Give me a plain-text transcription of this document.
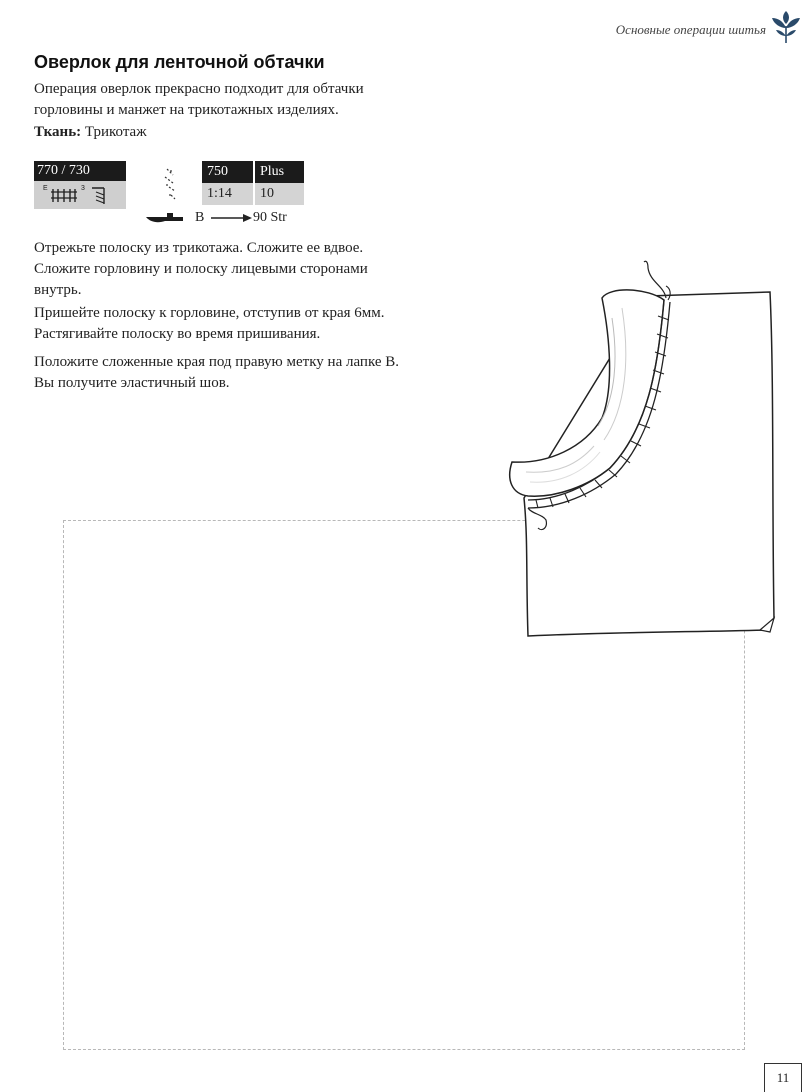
Основные операции шитья
Оверлок для ленточной обтачки
Операция оверлок прекрасно подходит для обтачки горловины и манжет на трикотажных изделиях.
Ткань: Трикотаж
770 / 730
E	3
750	Plus
1:14	10
B	90 Str
Отрежьте полоску из трикотажа. Сложите ее вдвое. Сложите горловину и полоску лицевыми сторонами внутрь.
Пришейте полоску к горловине, отступив от края 6мм. Растягивайте полоску во время пришивания.
Положите сложенные края под правую метку на лапке B. Вы получите эластичный шов.
11
